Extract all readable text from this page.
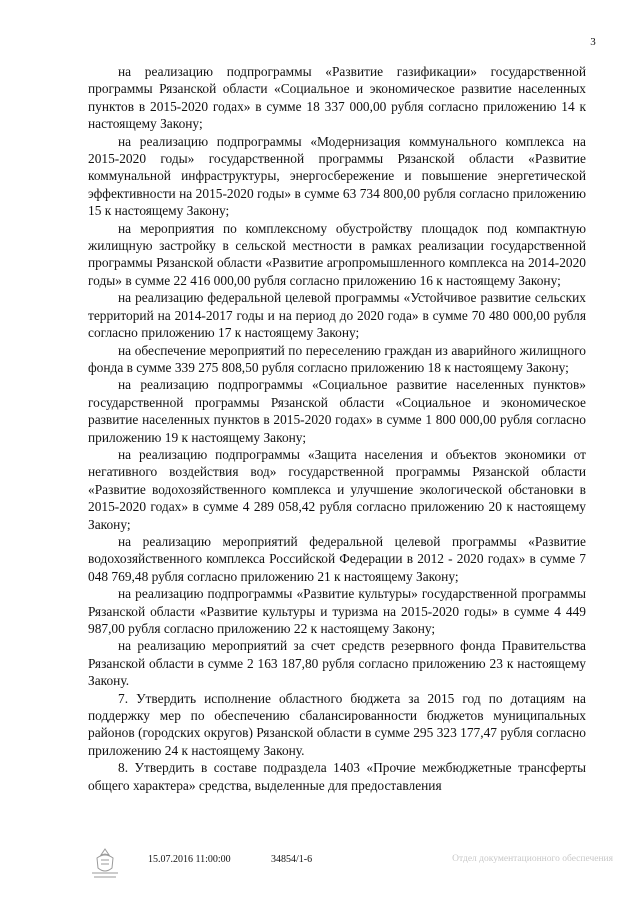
3

на реализацию подпрограммы «Развитие газификации» государственной программы Рязанской области «Социальное и экономическое развитие населенных пунктов в 2015-2020 годах» в сумме 18 337 000,00 рубля согласно приложению 14 к настоящему Закону;

на реализацию подпрограммы «Модернизация коммунального комплекса на 2015-2020 годы» государственной программы Рязанской области «Развитие коммунальной инфраструктуры, энергосбережение и повышение энергетической эффективности на 2015-2020 годы» в сумме 63 734 800,00 рубля согласно приложению 15 к настоящему Закону;

на мероприятия по комплексному обустройству площадок под компактную жилищную застройку в сельской местности в рамках реализации государственной программы Рязанской области «Развитие агропромышленного комплекса на 2014-2020 годы» в сумме 22 416 000,00 рубля согласно приложению 16 к настоящему Закону;

на реализацию федеральной целевой программы «Устойчивое развитие сельских территорий на 2014-2017 годы и на период до 2020 года» в сумме 70 480 000,00 рубля согласно приложению 17 к настоящему Закону;

на обеспечение мероприятий по переселению граждан из аварийного жилищного фонда в сумме 339 275 808,50 рубля согласно приложению 18 к настоящему Закону;

на реализацию подпрограммы «Социальное развитие населенных пунктов» государственной программы Рязанской области «Социальное и экономическое развитие населенных пунктов в 2015-2020 годах» в сумме 1 800 000,00 рубля согласно приложению 19 к настоящему Закону;

на реализацию подпрограммы «Защита населения и объектов экономики от негативного воздействия вод» государственной программы Рязанской области «Развитие водохозяйственного комплекса и улучшение экологической обстановки в 2015-2020 годах» в сумме 4 289 058,42 рубля согласно приложению 20 к настоящему Закону;

на реализацию мероприятий федеральной целевой программы «Развитие водохозяйственного комплекса Российской Федерации в 2012 - 2020 годах» в сумме 7 048 769,48 рубля согласно приложению 21 к настоящему Закону;

на реализацию подпрограммы «Развитие культуры» государственной программы Рязанской области «Развитие культуры и туризма на 2015-2020 годы» в сумме 4 449 987,00 рубля согласно приложению 22 к настоящему Закону;

на реализацию мероприятий за счет средств резервного фонда Правительства Рязанской области в сумме 2 163 187,80 рубля согласно приложению 23 к настоящему Закону.

7. Утвердить исполнение областного бюджета за 2015 год по дотациям на поддержку мер по обеспечению сбалансированности бюджетов муниципальных районов (городских округов) Рязанской области в сумме 295 323 177,47 рубля согласно приложению 24 к настоящему Закону.

8. Утвердить в составе подраздела 1403 «Прочие межбюджетные трансферты общего характера» средства, выделенные для предоставления

15.07.2016 11:00:00	34854/1-6	Отдел документационного обеспечения
